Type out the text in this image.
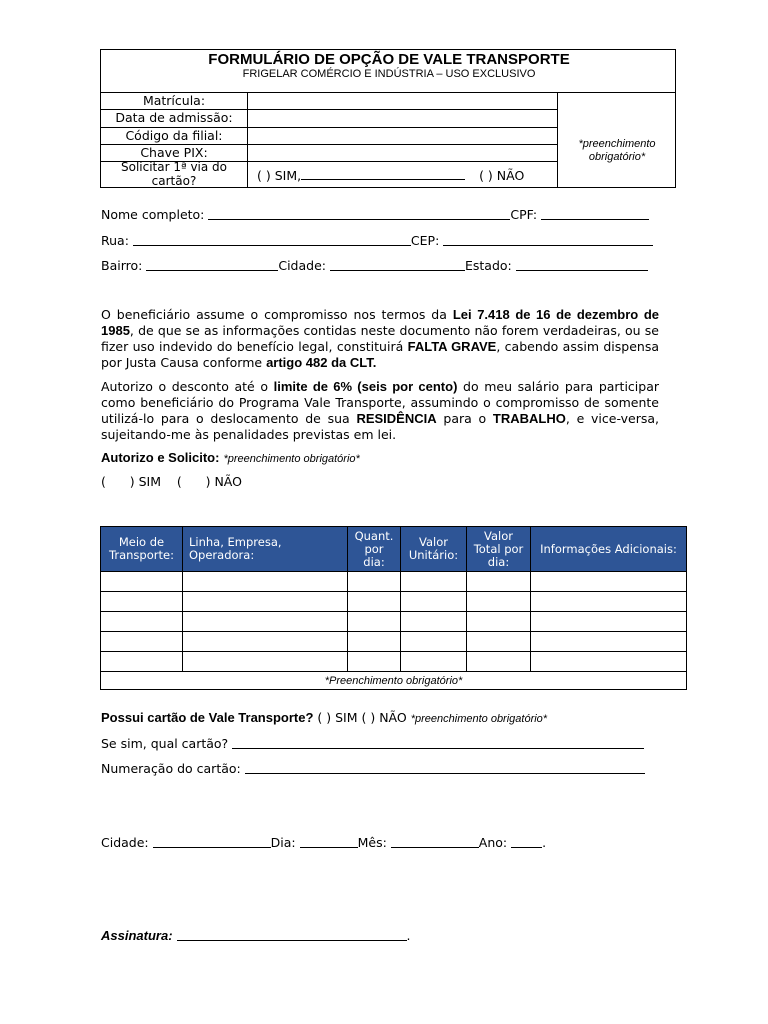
FORMULÁRIO DE OPÇÃO DE VALE TRANSPORTE
FRIGELAR COMÉRCIO E INDÚSTRIA – USO EXCLUSIVO
Matrícula:
Data de admissão:
Código da filial:
Chave PIX:
Solicitar 1ª via do cartão?	( ) SIM,	( ) NÃO
*preenchimento obrigatório*
Nome completo:	CPF:
Rua:	CEP:
Bairro:	Cidade:	Estado:
O beneficiário assume o compromisso nos termos da Lei 7.418 de 16 de dezembro de 1985, de que se as informações contidas neste documento não forem verdadeiras, ou se fizer uso indevido do benefício legal, constituirá FALTA GRAVE, cabendo assim dispensa por Justa Causa conforme artigo 482 da CLT.
Autorizo o desconto até o limite de 6% (seis por cento) do meu salário para participar como beneficiário do Programa Vale Transporte, assumindo o compromisso de somente utilizá-lo para o deslocamento de sua RESIDÊNCIA para o TRABALHO, e vice-versa, sujeitando-me às penalidades previstas em lei.
Autorizo e Solicito: *preenchimento obrigatório*
(      ) SIM (      ) NÃO
Meio de Transporte:	Linha, Empresa, Operadora:	Quant. por dia:	Valor Unitário:	Valor Total por dia:	Informações Adicionais:

*Preenchimento obrigatório*					
Possui cartão de Vale Transporte? ( ) SIM ( ) NÃO *preenchimento obrigatório*
Se sim, qual cartão?
Numeração do cartão:
Cidade:	Dia:	Mês:	Ano:	.
Assinatura:	.
